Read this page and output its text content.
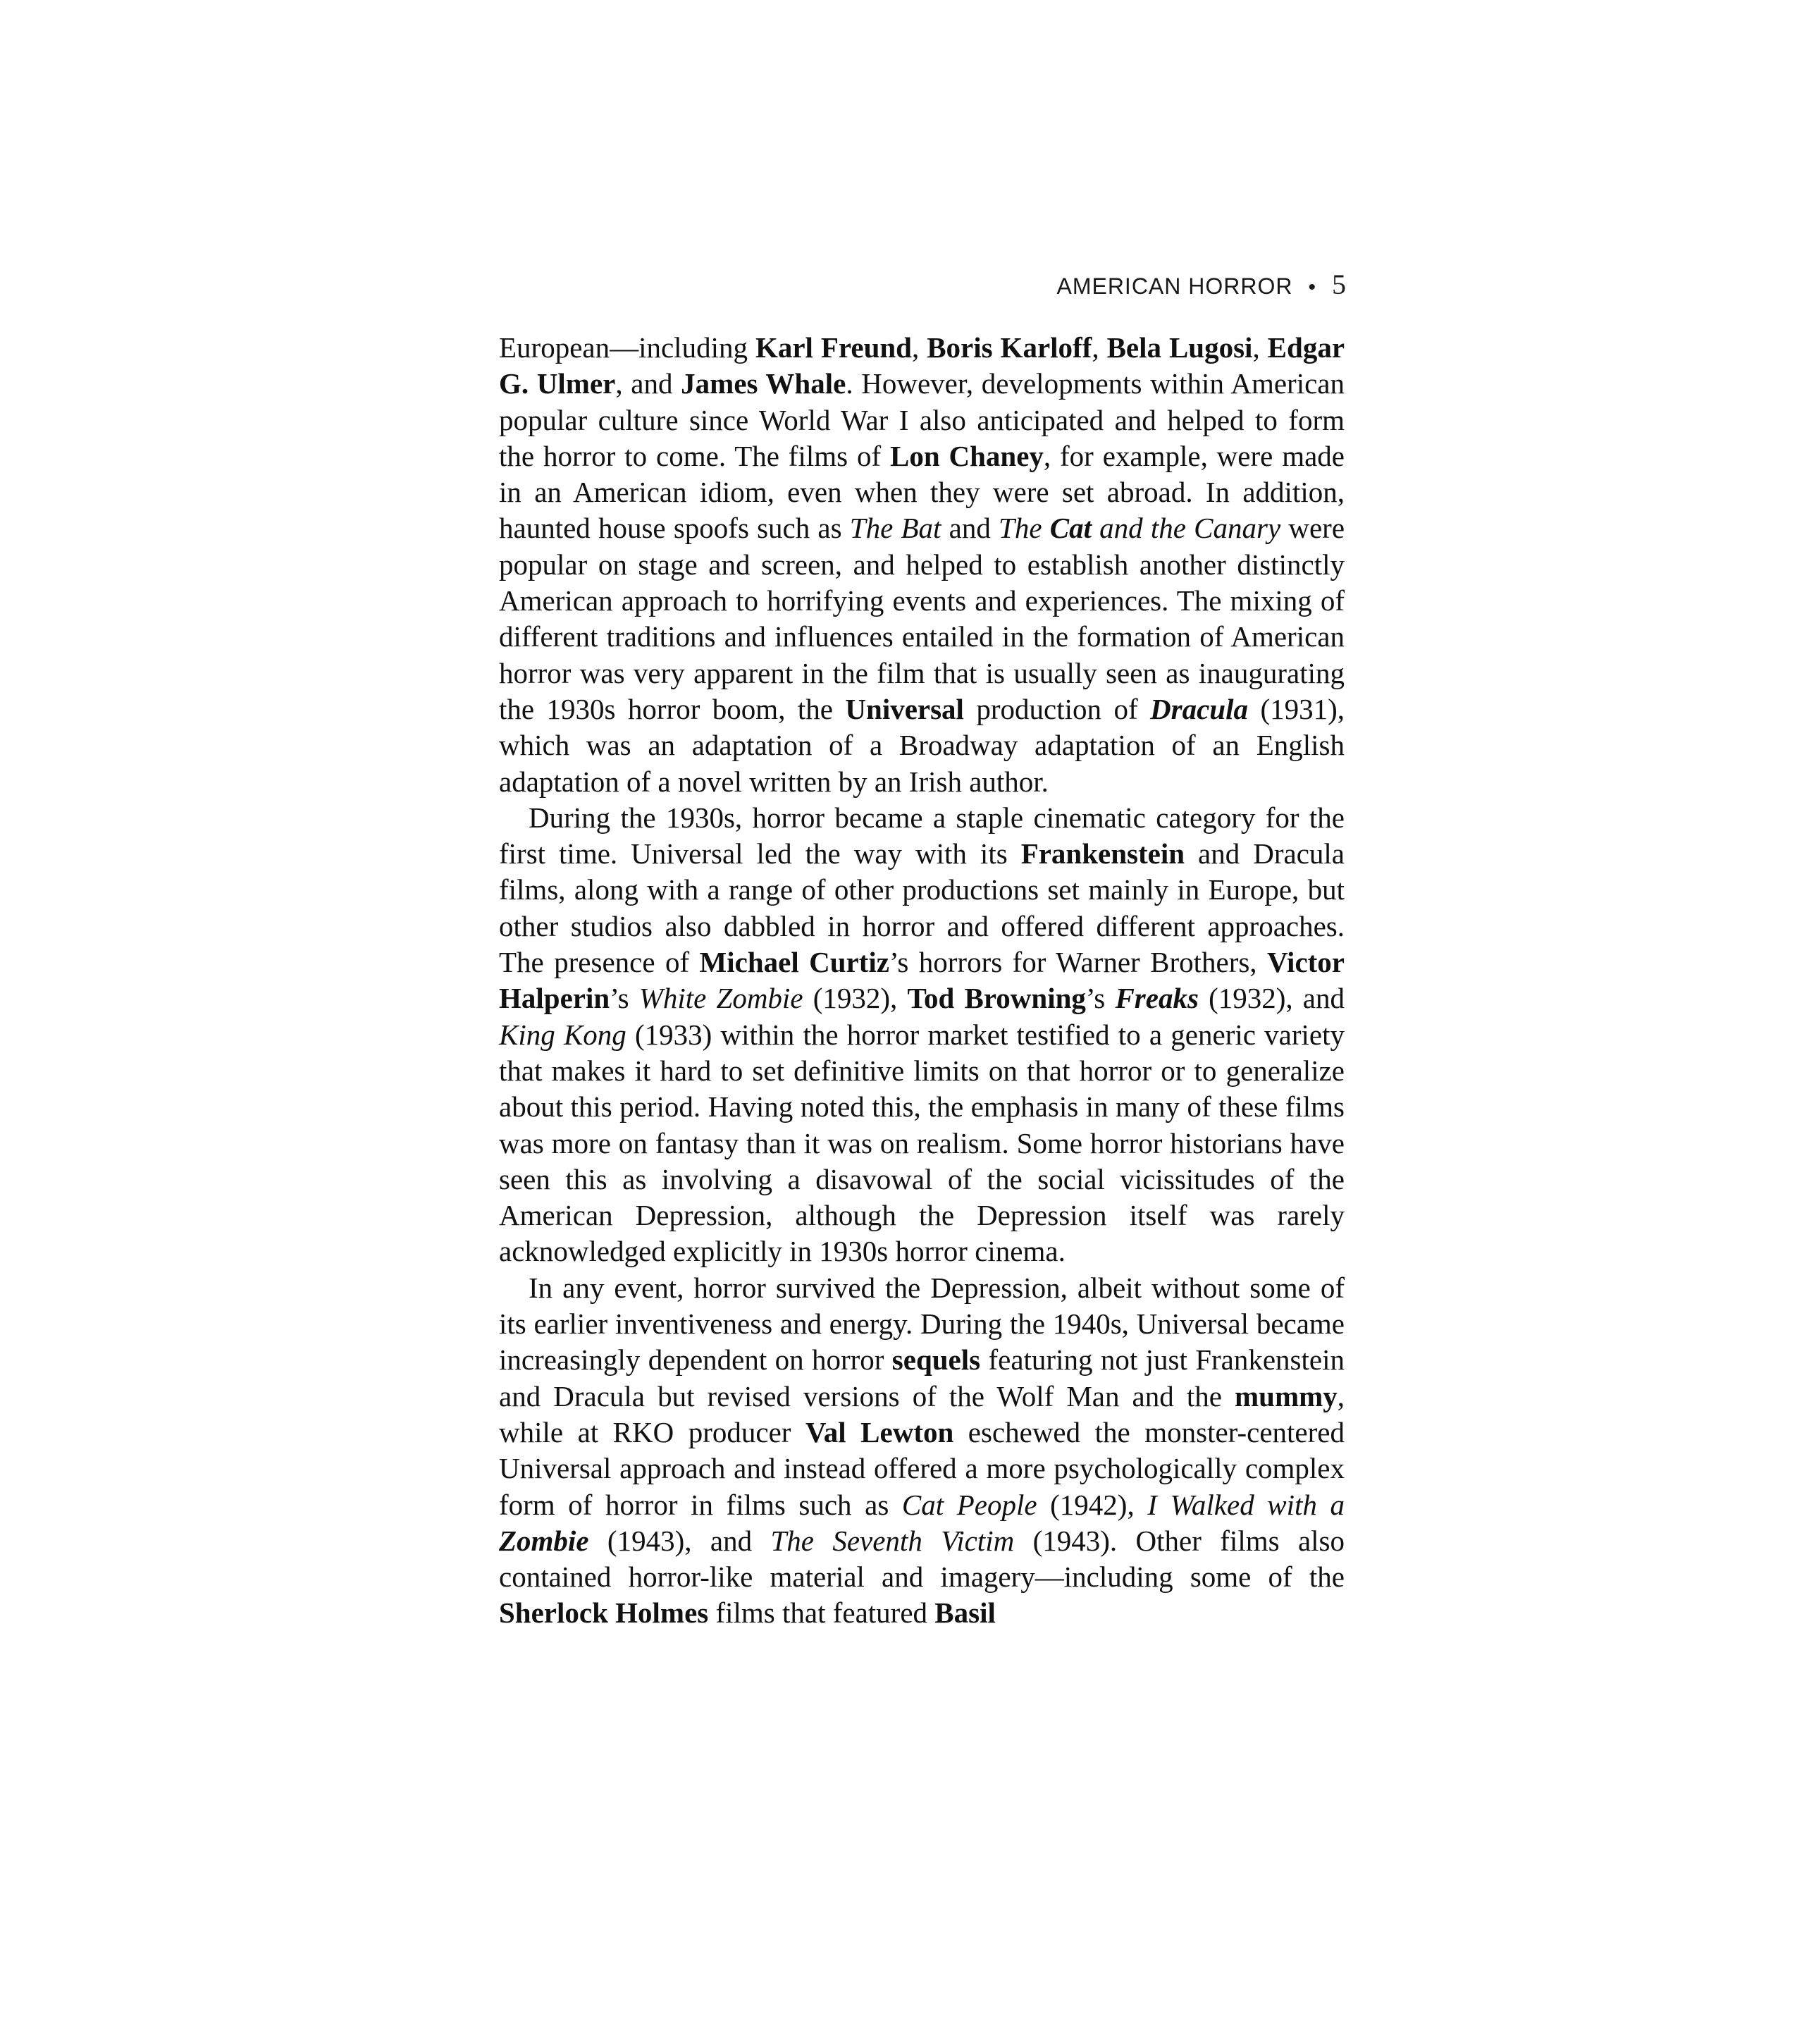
AMERICAN HORROR • 5

European—including Karl Freund, Boris Karloff, Bela Lugosi, Edgar G. Ulmer, and James Whale. However, developments within American popular culture since World War I also anticipated and helped to form the horror to come. The films of Lon Chaney, for example, were made in an American idiom, even when they were set abroad. In addition, haunted house spoofs such as The Bat and The Cat and the Canary were popular on stage and screen, and helped to establish another distinctly American approach to horrifying events and experiences. The mixing of different traditions and influences entailed in the formation of American horror was very apparent in the film that is usually seen as inaugurating the 1930s horror boom, the Universal production of Dracula (1931), which was an adaptation of a Broadway adaptation of an English adaptation of a novel written by an Irish author.

During the 1930s, horror became a staple cinematic category for the first time. Universal led the way with its Frankenstein and Dracula films, along with a range of other productions set mainly in Europe, but other studios also dabbled in horror and offered different approaches. The presence of Michael Curtiz’s horrors for Warner Brothers, Victor Halperin’s White Zombie (1932), Tod Browning’s Freaks (1932), and King Kong (1933) within the horror market testified to a generic variety that makes it hard to set definitive limits on that horror or to generalize about this period. Having noted this, the emphasis in many of these films was more on fantasy than it was on realism. Some horror historians have seen this as involving a disavowal of the social vicissitudes of the American Depression, although the Depression itself was rarely acknowledged explicitly in 1930s horror cinema.

In any event, horror survived the Depression, albeit without some of its earlier inventiveness and energy. During the 1940s, Universal became increasingly dependent on horror sequels featuring not just Frankenstein and Dracula but revised versions of the Wolf Man and the mummy, while at RKO producer Val Lewton eschewed the monster-centered Universal approach and instead offered a more psychologically complex form of horror in films such as Cat People (1942), I Walked with a Zombie (1943), and The Seventh Victim (1943). Other films also contained horror-like material and imagery—including some of the Sherlock Holmes films that featured Basil
